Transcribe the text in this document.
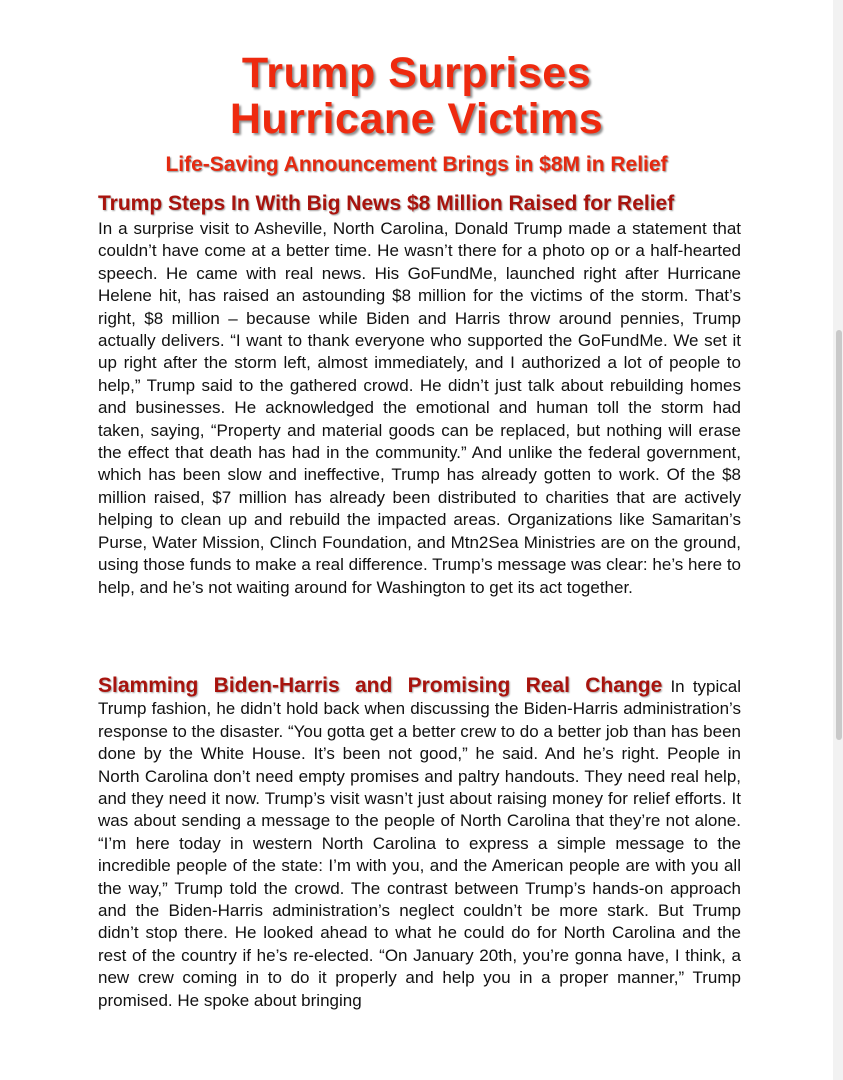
Trump Surprises
Hurricane Victims
Life-Saving Announcement Brings in $8M in Relief
Trump Steps In With Big News $8 Million Raised for Relief
In a surprise visit to Asheville, North Carolina, Donald Trump made a statement that couldn’t have come at a better time. He wasn’t there for a photo op or a half-hearted speech. He came with real news. His GoFundMe, launched right after Hurricane Helene hit, has raised an astounding $8 million for the victims of the storm. That’s right, $8 million – because while Biden and Harris throw around pennies, Trump actually delivers. “I want to thank everyone who supported the GoFundMe. We set it up right after the storm left, almost immediately, and I authorized a lot of people to help,” Trump said to the gathered crowd. He didn’t just talk about rebuilding homes and businesses. He acknowledged the emotional and human toll the storm had taken, saying, “Property and material goods can be replaced, but nothing will erase the effect that death has had in the community.” And unlike the federal government, which has been slow and ineffective, Trump has already gotten to work. Of the $8 million raised, $7 million has already been distributed to charities that are actively helping to clean up and rebuild the impacted areas. Organizations like Samaritan’s Purse, Water Mission, Clinch Foundation, and Mtn2Sea Ministries are on the ground, using those funds to make a real difference. Trump’s message was clear: he’s here to help, and he’s not waiting around for Washington to get its act together.
Slamming Biden-Harris and Promising Real Change In typical Trump fashion, he didn’t hold back when discussing the Biden-Harris administration’s response to the disaster. “You gotta get a better crew to do a better job than has been done by the White House. It’s been not good,” he said. And he’s right. People in North Carolina don’t need empty promises and paltry handouts. They need real help, and they need it now. Trump’s visit wasn’t just about raising money for relief efforts. It was about sending a message to the people of North Carolina that they’re not alone. “I’m here today in western North Carolina to express a simple message to the incredible people of the state: I’m with you, and the American people are with you all the way,” Trump told the crowd. The contrast between Trump’s hands-on approach and the Biden-Harris administration’s neglect couldn’t be more stark. But Trump didn’t stop there. He looked ahead to what he could do for North Carolina and the rest of the country if he’s re-elected. “On January 20th, you’re gonna have, I think, a new crew coming in to do it properly and help you in a proper manner,” Trump promised. He spoke about bringing
